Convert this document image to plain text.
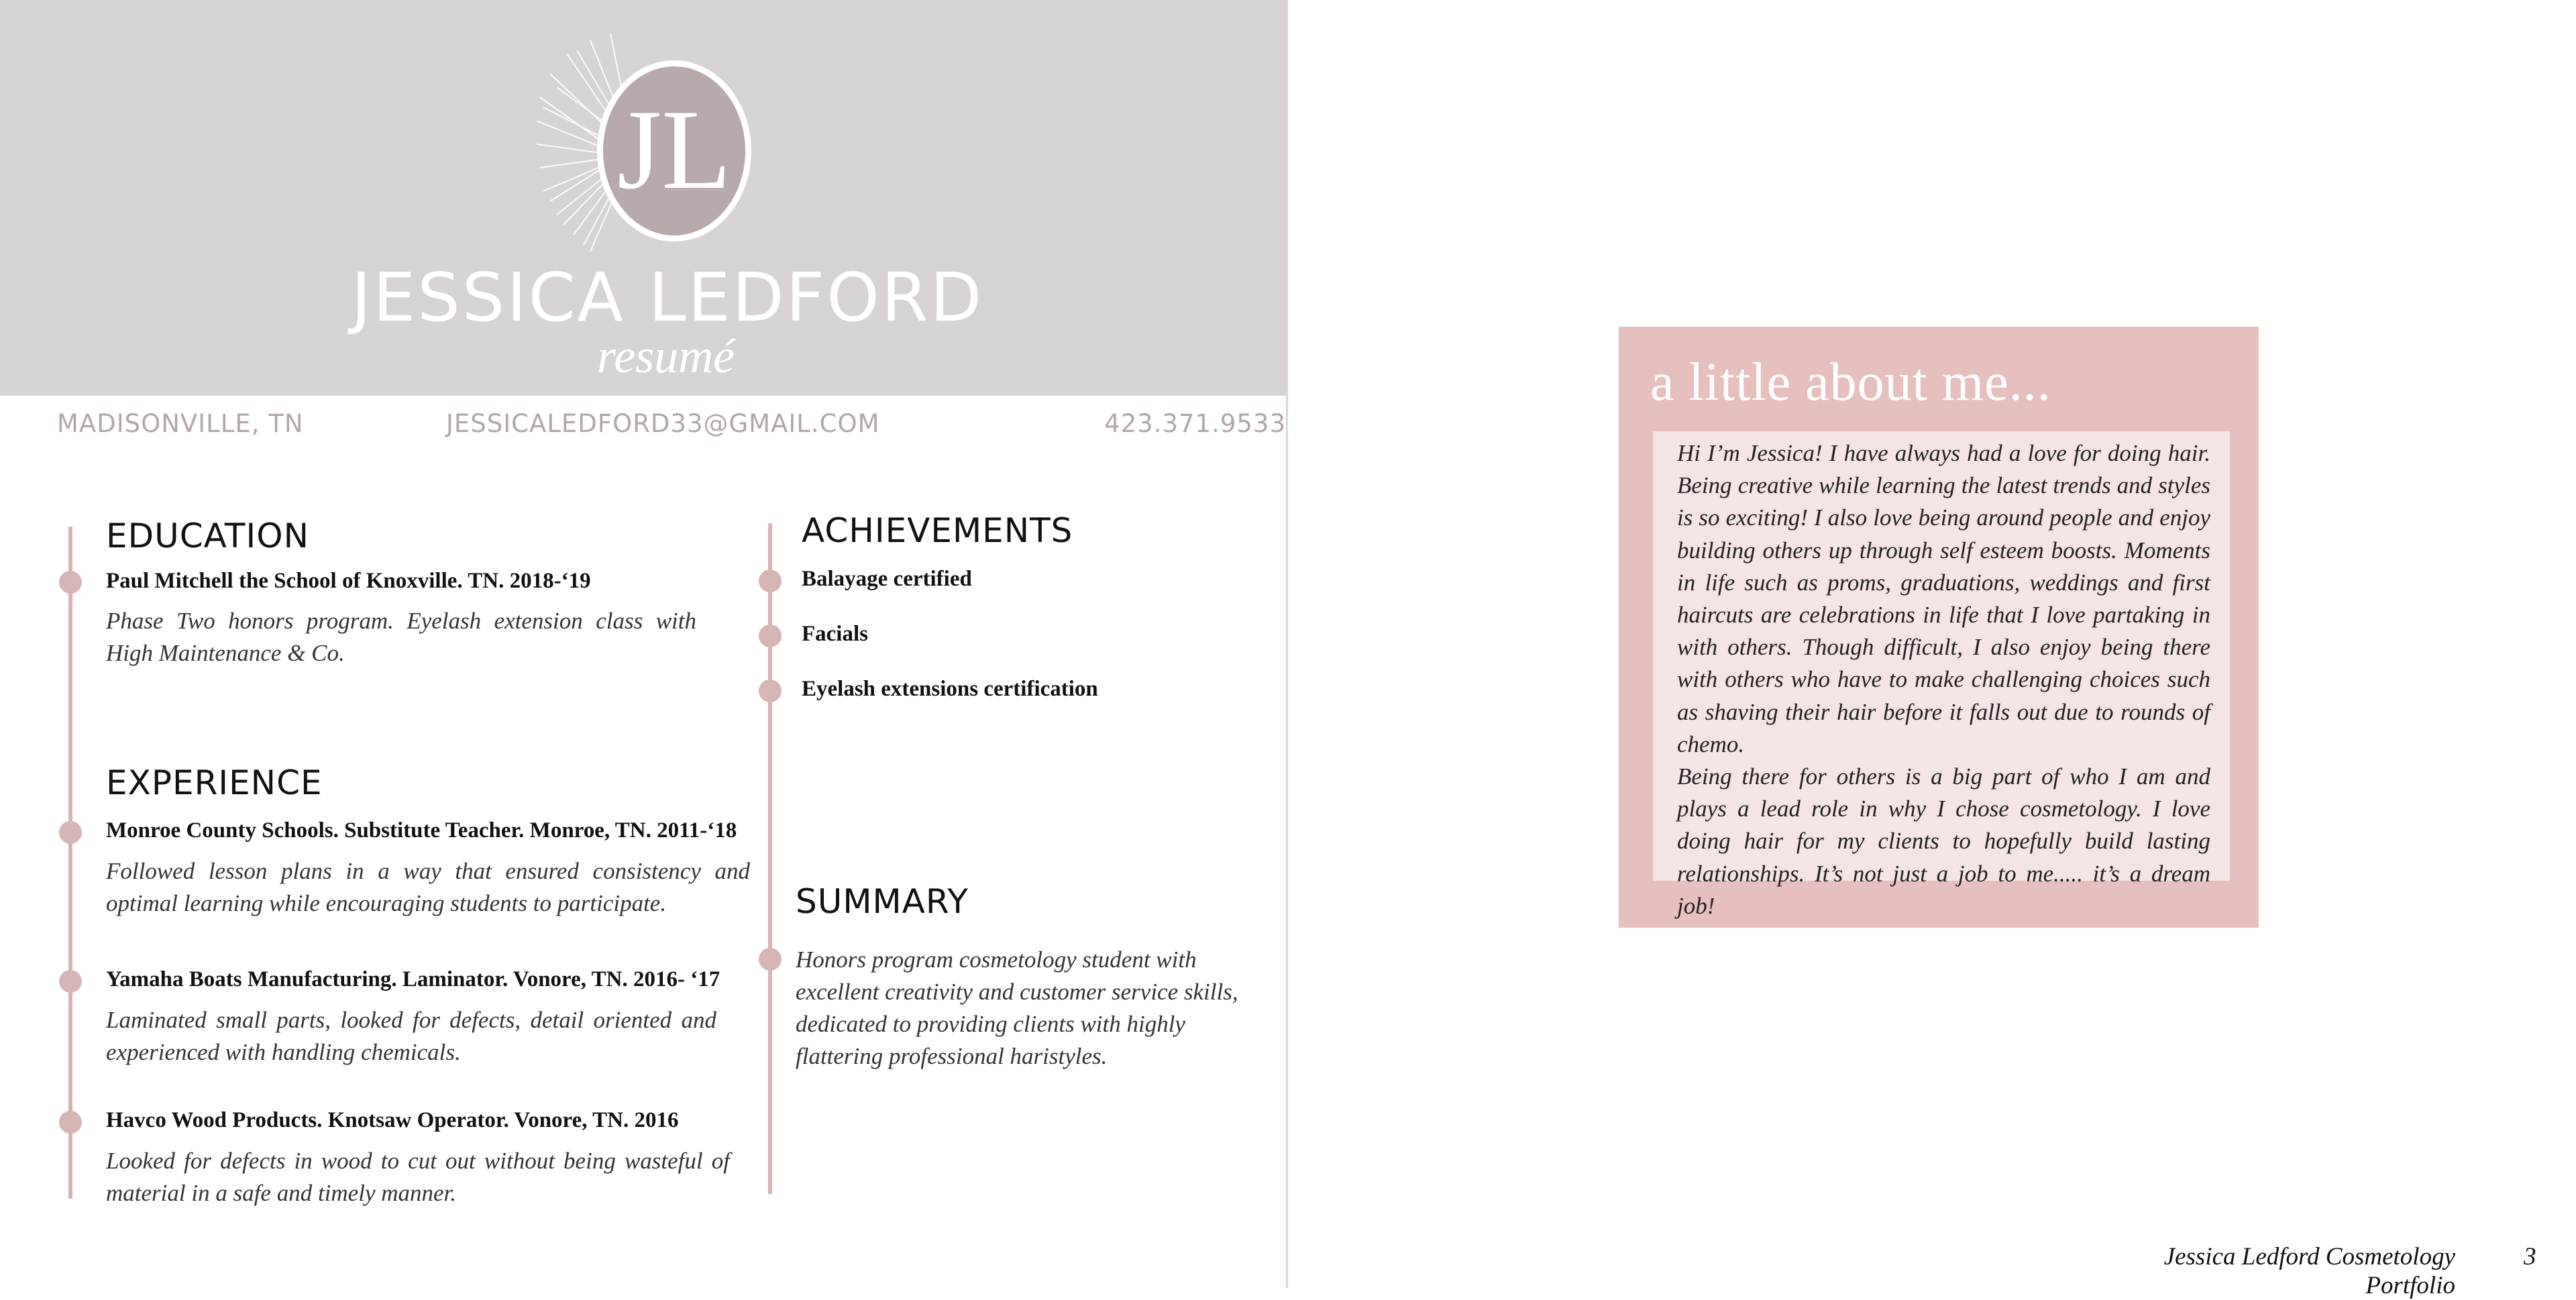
JL
JESSICA LEDFORD
resumé
MADISONVILLE, TN	JESSICALEDFORD33@GMAIL.COM	423.371.9533
EDUCATION
Paul Mitchell the School of Knoxville. TN. 2018-‘19
Phase Two honors program. Eyelash extension class with High Maintenance & Co.
EXPERIENCE
Monroe County Schools. Substitute Teacher. Monroe, TN. 2011-‘18
Followed lesson plans in a way that ensured consistency and optimal learning while encouraging students to participate.
Yamaha Boats Manufacturing. Laminator. Vonore, TN. 2016- ‘17
Laminated small parts, looked for defects, detail oriented and experienced with handling chemicals.
Havco Wood Products. Knotsaw Operator. Vonore, TN. 2016
Looked for defects in wood to cut out without being wasteful of material in a safe and timely manner.
ACHIEVEMENTS
Balayage certified
Facials
Eyelash extensions certification
SUMMARY
Honors program cosmetology student with excellent creativity and customer service skills, dedicated to providing clients with highly flattering professional haristyles.
a little about me...

Hi I’m Jessica! I have always had a love for doing hair. Being creative while learning the latest trends and styles is so exciting! I also love being around people and enjoy building others up through self esteem boosts. Moments in life such as proms, graduations, weddings and first haircuts are celebrations in life that I love partaking in with others. Though difficult, I also enjoy being there with others who have to make challenging choices such as shaving their hair before it falls out due to rounds of chemo.

Being there for others is a big part of who I am and plays a lead role in why I chose cosmetology. I love doing hair for my clients to hopefully build lasting relationships. It’s not just a job to me..... it’s a dream job!

Jessica Ledford Cosmetology Portfolio
3
